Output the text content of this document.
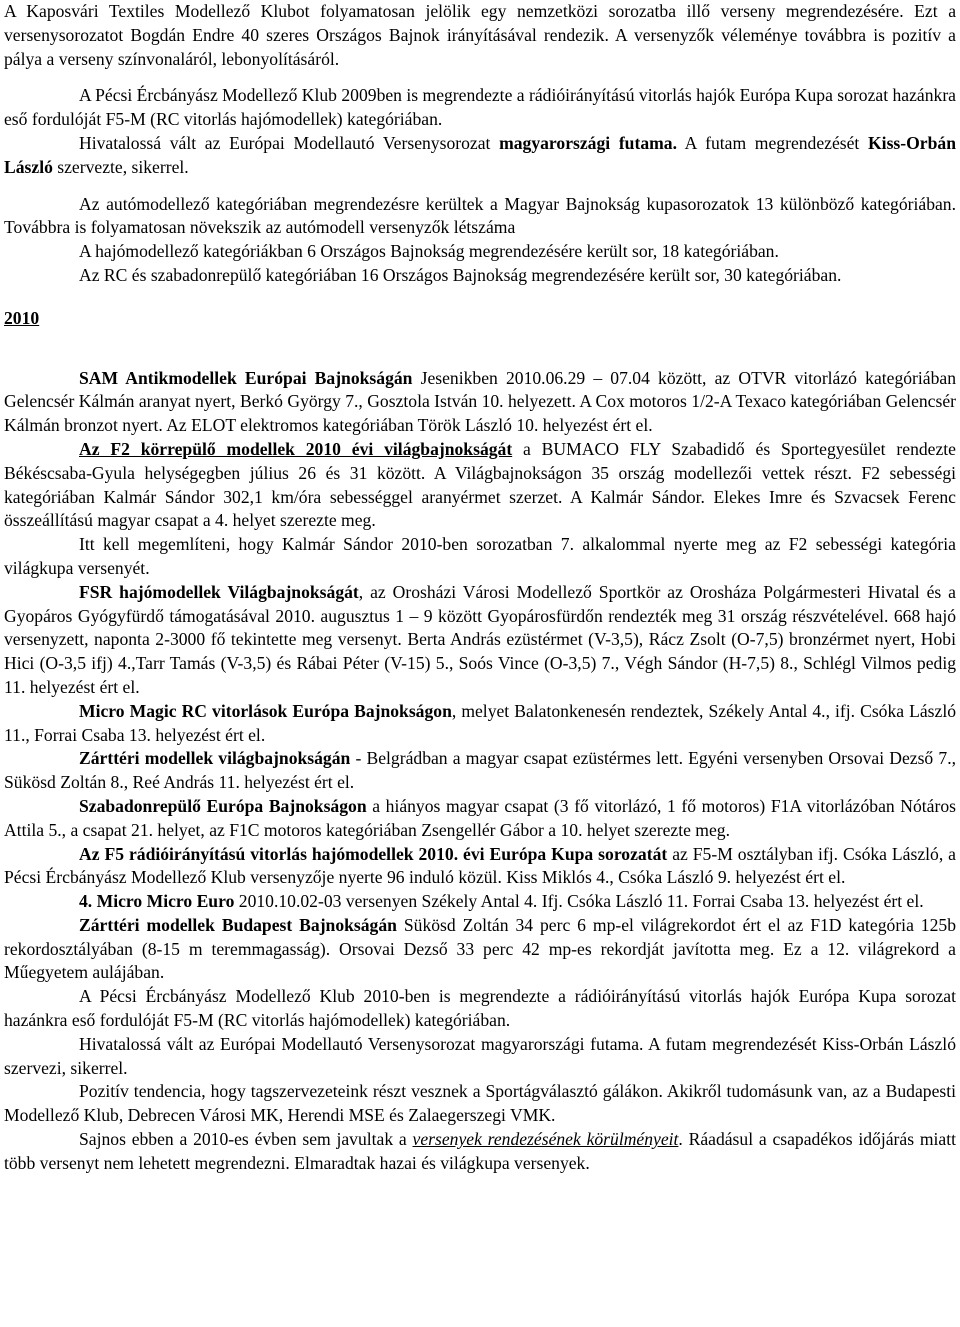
A Kaposvári Textiles Modellező Klubot folyamatosan jelölik egy nemzetközi sorozatba illő verseny megrendezésére. Ezt a versenysorozatot Bogdán Endre 40 szeres Országos Bajnok irányításával rendezik. A versenyzők véleménye továbbra is pozitív a pálya a verseny színvonaláról, lebonyolításáról.

A Pécsi Ércbányász Modellező Klub 2009ben is megrendezte a rádióirányítású vitorlás hajók Európa Kupa sorozat hazánkra eső fordulóját F5-M (RC vitorlás hajómodellek) kategóriában.

Hivatalossá vált az Európai Modellautó Versenysorozat magyarországi futama. A futam megrendezését Kiss-Orbán László szervezte, sikerrel.

Az autómodellező kategóriában megrendezésre kerültek a Magyar Bajnokság kupasorozatok 13 különböző kategóriában. Továbbra is folyamatosan növekszik az autómodell versenyzők létszáma

A hajómodellező kategóriákban 6 Országos Bajnokság megrendezésére került sor, 18 kategóriában.

Az RC és szabadonrepülő kategóriában 16 Országos Bajnokság megrendezésére került sor, 30 kategóriában.

2010

SAM Antikmodellek Európai Bajnokságán Jesenikben 2010.06.29 – 07.04 között, az OTVR vitorlázó kategóriában Gelencsér Kálmán aranyat nyert, Berkó György 7., Gosztola István 10. helyezett. A Cox motoros 1/2-A Texaco kategóriában Gelencsér Kálmán bronzot nyert. Az ELOT elektromos kategóriában Török László 10. helyezést ért el.

Az F2 körrepülő modellek 2010 évi világbajnokságát a BUMACO FLY Szabadidő és Sportegyesület rendezte Békéscsaba-Gyula helységegben július 26 és 31 között. A Világbajnokságon 35 ország modellezői vettek részt. F2 sebességi kategóriában Kalmár Sándor 302,1 km/óra sebességgel aranyérmet szerzet. A Kalmár Sándor. Elekes Imre és Szvacsek Ferenc összeállítású magyar csapat a 4. helyet szerezte meg.

Itt kell megemlíteni, hogy Kalmár Sándor 2010-ben sorozatban 7. alkalommal nyerte meg az F2 sebességi kategória világkupa versenyét.

FSR hajómodellek Világbajnokságát, az Orosházi Városi Modellező Sportkör az Orosháza Polgármesteri Hivatal és a Gyopáros Gyógyfürdő támogatásával 2010. augusztus 1 – 9 között Gyopárosfürdőn rendezték meg 31 ország részvételével. 668 hajó versenyzett, naponta 2-3000 fő tekintette meg versenyt. Berta András ezüstérmet (V-3,5), Rácz Zsolt (O-7,5) bronzérmet nyert, Hobi Hici (O-3,5 ifj) 4.,Tarr Tamás (V-3,5) és Rábai Péter (V-15) 5., Soós Vince (O-3,5) 7., Végh Sándor (H-7,5) 8., Schlégl Vilmos pedig 11. helyezést ért el.

Micro Magic RC vitorlások Európa Bajnokságon, melyet Balatonkenesén rendeztek, Székely Antal 4., ifj. Csóka László 11., Forrai Csaba 13. helyezést ért el.

Zárttéri modellek világbajnokságán - Belgrádban a magyar csapat ezüstérmes lett. Egyéni versenyben Orsovai Dezső 7., Sükösd Zoltán 8., Reé András 11. helyezést ért el.

Szabadonrepülő Európa Bajnokságon a hiányos magyar csapat (3 fő vitorlázó, 1 fő motoros) F1A vitorlázóban Nótáros Attila 5., a csapat 21. helyet, az F1C motoros kategóriában Zsengellér Gábor a 10. helyet szerezte meg.

Az F5 rádióirányítású vitorlás hajómodellek 2010. évi Európa Kupa sorozatát az F5-M osztályban ifj. Csóka László, a Pécsi Ércbányász Modellező Klub versenyzője nyerte 96 induló közül. Kiss Miklós 4., Csóka László 9. helyezést ért el.

4. Micro Micro Euro 2010.10.02-03 versenyen Székely Antal 4. Ifj. Csóka László 11. Forrai Csaba 13. helyezést ért el.

Zárttéri modellek Budapest Bajnokságán Sükösd Zoltán 34 perc 6 mp-el világrekordot ért el az F1D kategória 125b rekordosztályában (8-15 m teremmagasság). Orsovai Dezső 33 perc 42 mp-es rekordját javította meg. Ez a 12. világrekord a Műegyetem aulájában.

A Pécsi Ércbányász Modellező Klub 2010-ben is megrendezte a rádióirányítású vitorlás hajók Európa Kupa sorozat hazánkra eső fordulóját F5-M (RC vitorlás hajómodellek) kategóriában.

Hivatalossá vált az Európai Modellautó Versenysorozat magyarországi futama. A futam megrendezését Kiss-Orbán László szervezi, sikerrel.

Pozitív tendencia, hogy tagszervezeteink részt vesznek a Sportágválasztó gálákon. Akikről tudomásunk van, az a Budapesti Modellező Klub, Debrecen Városi MK, Herendi MSE és Zalaegerszegi VMK.

Sajnos ebben a 2010-es évben sem javultak a versenyek rendezésének körülményeit. Ráadásul a csapadékos időjárás miatt több versenyt nem lehetett megrendezni. Elmaradtak hazai és világkupa versenyek.
